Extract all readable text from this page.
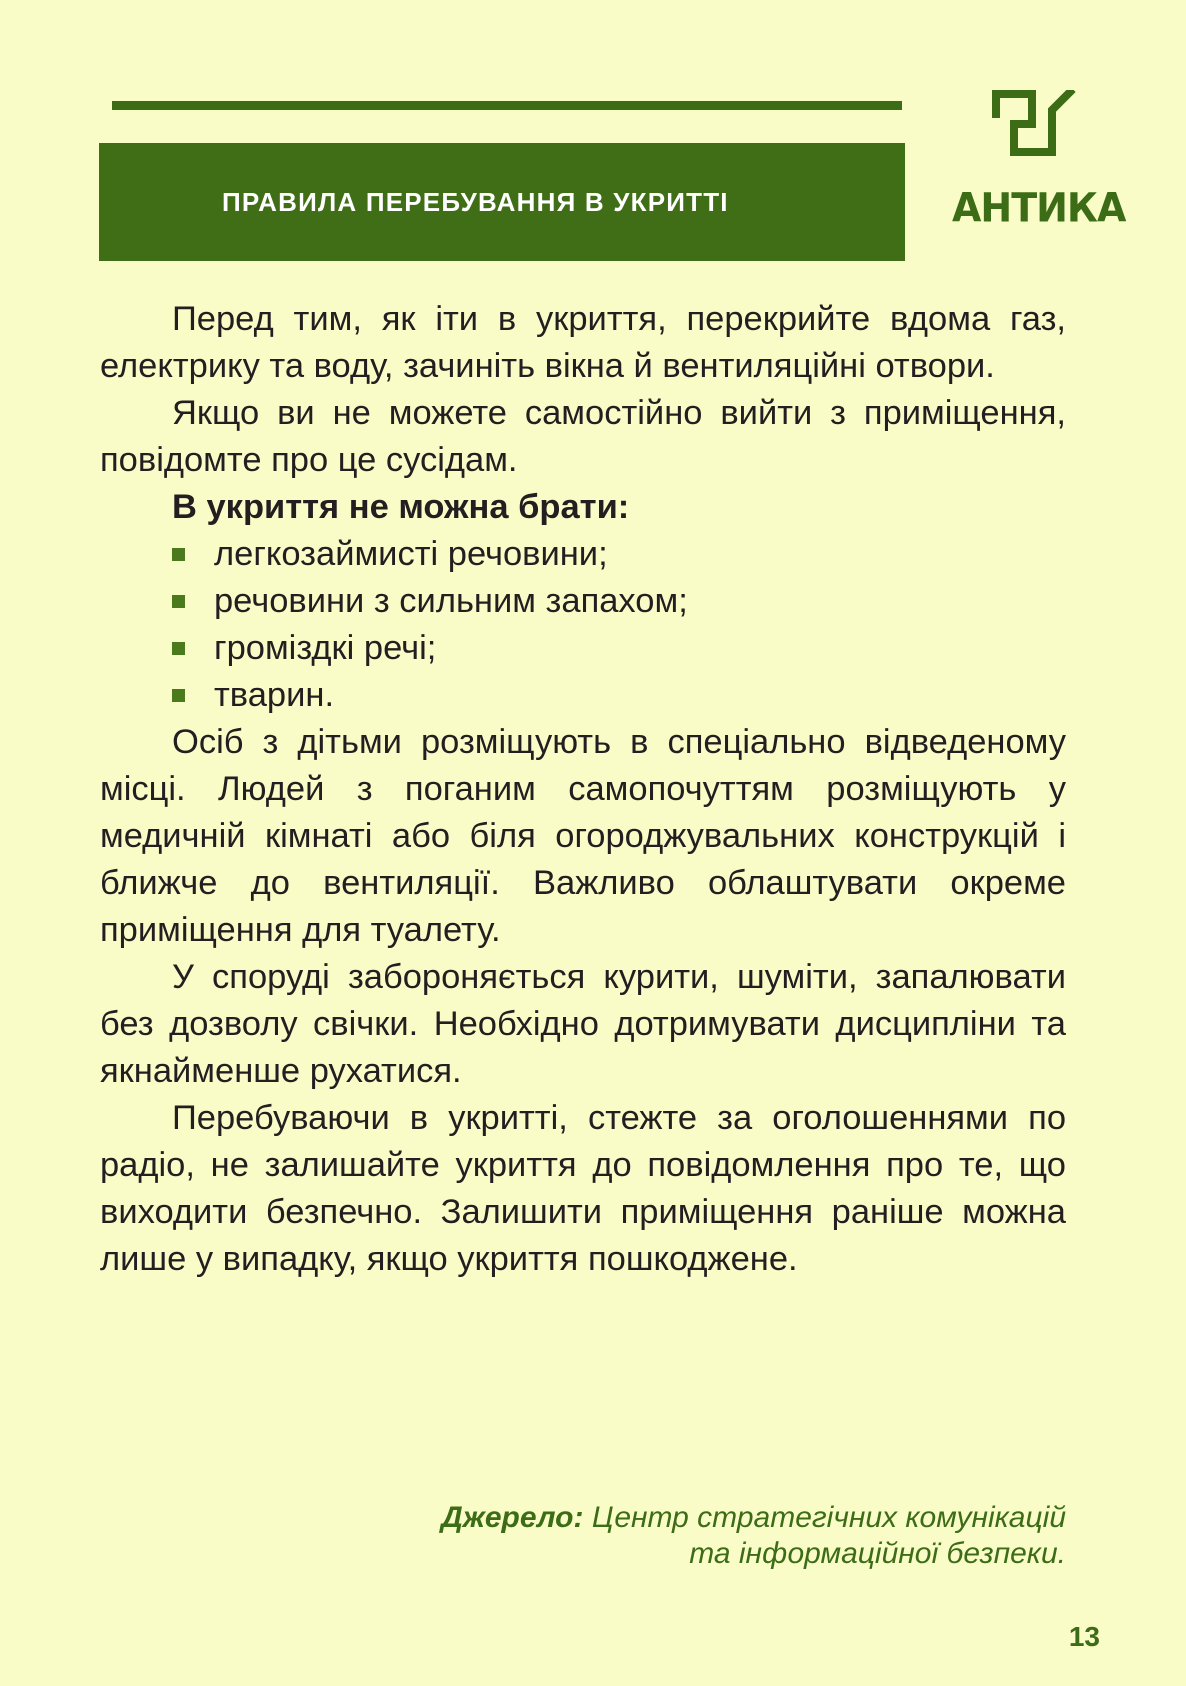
ПРАВИЛА ПЕРЕБУВАННЯ В УКРИТТІ	АНТИКА

Перед тим, як іти в укриття, перекрийте вдома газ, електрику та воду, зачиніть вікна й вентиляційні отвори.

Якщо ви не можете самостійно вийти з приміщення, повідомте про це сусідам.

В укриття не можна брати:
легкозаймисті речовини;
речовини з сильним запахом;
громіздкі речі;
тварин.

Осіб з дітьми розміщують в спеціально відведеному місці. Людей з поганим самопочуттям розміщують у медичній кімнаті або біля огороджувальних конструкцій і ближче до вентиляції. Важливо облаштувати окреме приміщення для туалету.

У споруді забороняється курити, шуміти, запалювати без дозволу свічки. Необхідно дотримувати дисципліни та якнайменше рухатися.

Перебуваючи в укритті, стежте за оголошеннями по радіо, не залишайте укриття до повідомлення про те, що виходити безпечно. Залишити приміщення раніше можна лише у випадку, якщо укриття пошкоджене.

Джерело: Центр стратегічних комунікацій
та інформаційної безпеки.
13
